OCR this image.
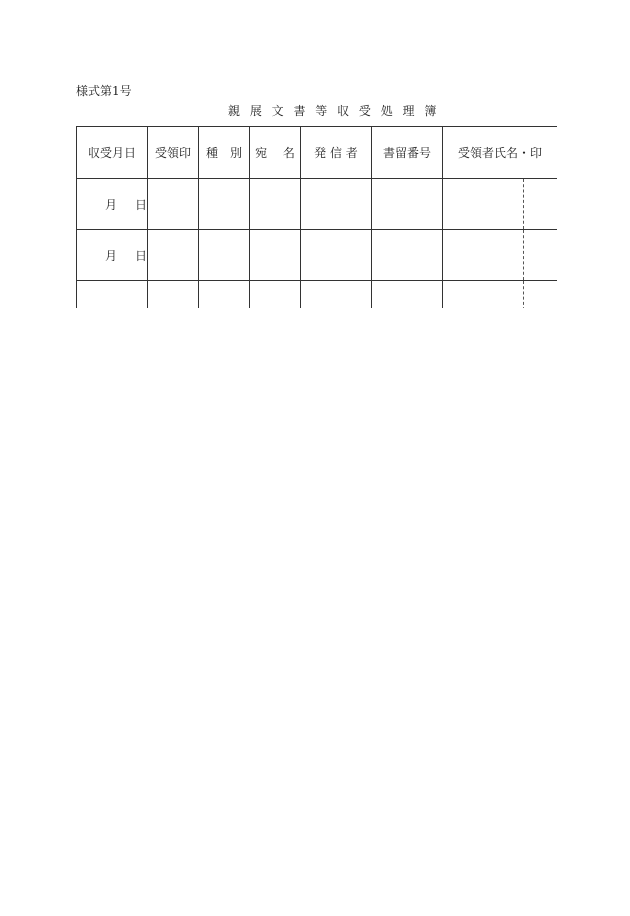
様式第1号
親 展 文 書 等 収 受 処 理 簿
収受月日	受領印	種　別	宛　 名	発 信 者	書留番号	受領者氏名・印
月 日						

月 日						
